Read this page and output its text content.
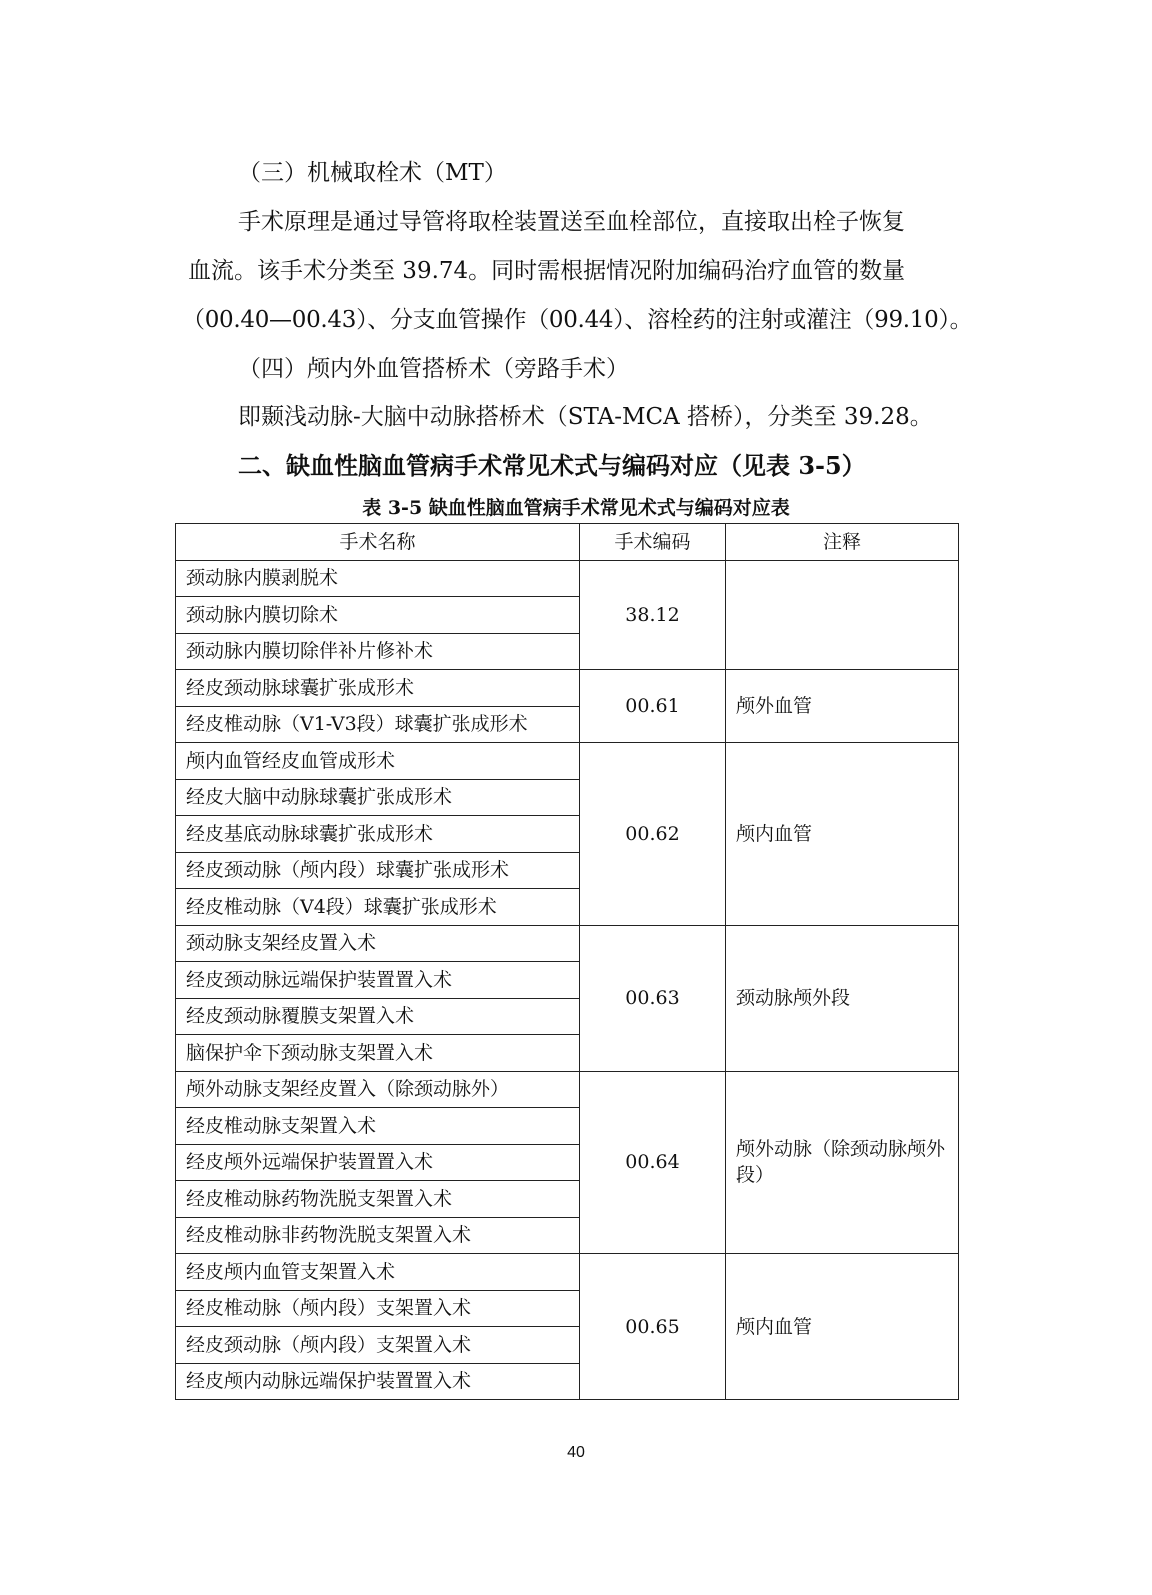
（三）机械取栓术（MT）
手术原理是通过导管将取栓装置送至血栓部位，直接取出栓子恢复
血流。该手术分类至 39.74。同时需根据情况附加编码治疗血管的数量
（00.40—00.43）、分支血管操作（00.44）、溶栓药的注射或灌注（99.10）。
（四）颅内外血管搭桥术（旁路手术）
即颞浅动脉-大脑中动脉搭桥术（STA-MCA 搭桥），分类至 39.28。
二、缺血性脑血管病手术常见术式与编码对应（见表 3-5）
表 3-5 缺血性脑血管病手术常见术式与编码对应表
手术名称	手术编码	注释
颈动脉内膜剥脱术	38.12	
颈动脉内膜切除术		
颈动脉内膜切除伴补片修补术		
经皮颈动脉球囊扩张成形术	00.61	颅外血管
经皮椎动脉（V1-V3段）球囊扩张成形术		
颅内血管经皮血管成形术	00.62	颅内血管
经皮大脑中动脉球囊扩张成形术		
经皮基底动脉球囊扩张成形术		
经皮颈动脉（颅内段）球囊扩张成形术		
经皮椎动脉（V4段）球囊扩张成形术		
颈动脉支架经皮置入术	00.63	颈动脉颅外段
经皮颈动脉远端保护装置置入术		
经皮颈动脉覆膜支架置入术		
脑保护伞下颈动脉支架置入术		
颅外动脉支架经皮置入（除颈动脉外）	00.64	颅外动脉（除颈动脉颅外段）
经皮椎动脉支架置入术		
经皮颅外远端保护装置置入术		
经皮椎动脉药物洗脱支架置入术		
经皮椎动脉非药物洗脱支架置入术		
经皮颅内血管支架置入术	00.65	颅内血管
经皮椎动脉（颅内段）支架置入术		
经皮颈动脉（颅内段）支架置入术		
经皮颅内动脉远端保护装置置入术		
40
